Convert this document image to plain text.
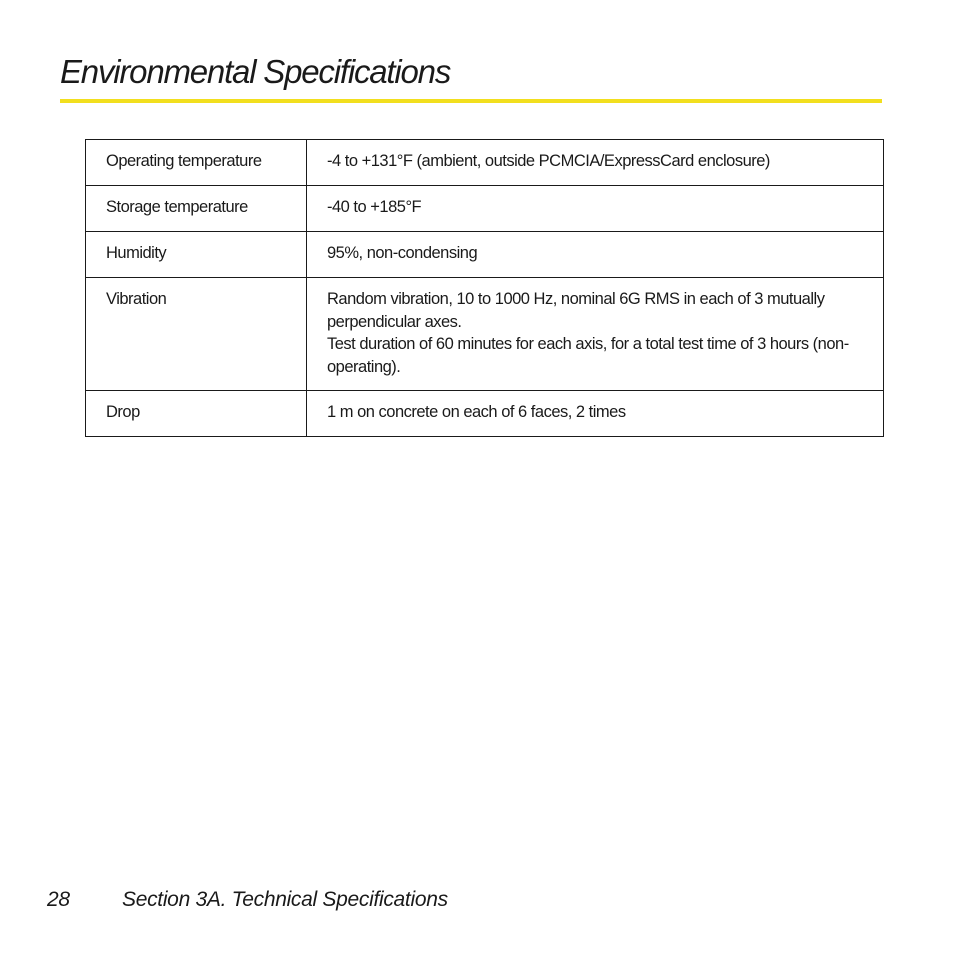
Environmental Specifications
Operating temperature	-4 to +131°F (ambient, outside PCMCIA/ExpressCard enclosure)

Storage temperature	-40 to +185°F

Humidity	95%, non-condensing

Vibration	Random vibration, 10 to 1000 Hz, nominal 6G RMS in each of 3 mutually perpendicular axes.
Test duration of 60 minutes for each axis, for a total test time of 3 hours (non-operating).

Drop	1 m on concrete on each of 6 faces, 2 times
28 Section 3A. Technical Specifications
